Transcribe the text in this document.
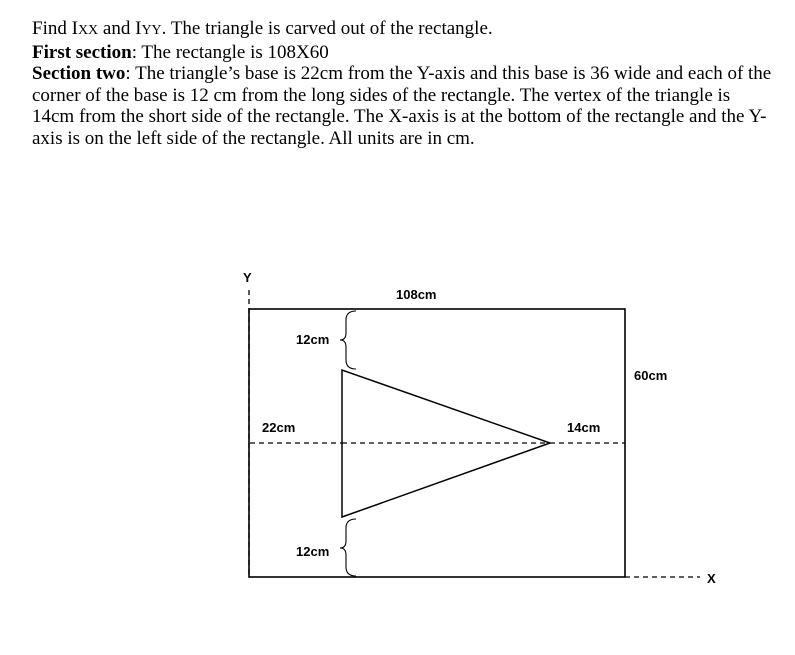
Find IXX and IYY. The triangle is carved out of the rectangle.

First section: The rectangle is 108X60

Section two: The triangle’s base is 22cm from the Y-axis and this base is 36 wide and each of the corner of the base is 12 cm from the long sides of the rectangle. The vertex of the triangle is 14cm from the short side of the rectangle. The X-axis is at the bottom of the rectangle and the Y-axis is on the left side of the rectangle. All units are in cm.

Y
108cm
60cm
X
22cm	14cm
12cm
12cm
